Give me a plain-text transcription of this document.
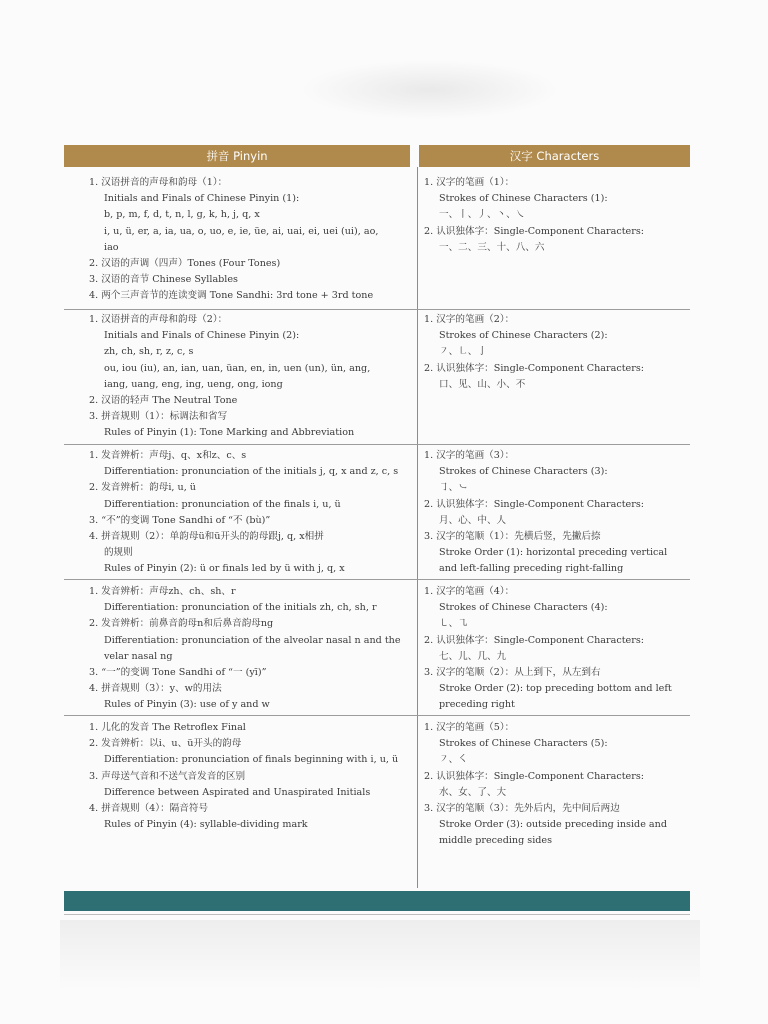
拼音 Pinyin	汉字 Characters
1. 汉语拼音的声母和韵母（1）：
Initials and Finals of Chinese Pinyin (1):
b, p, m, f, d, t, n, l, g, k, h, j, q, x
i, u, ü, er, a, ia, ua, o, uo, e, ie, üe, ai, uai, ei, uei (ui), ao,
iao
2. 汉语的声调（四声）Tones (Four Tones)
3. 汉语的音节 Chinese Syllables
4. 两个三声音节的连读变调 Tone Sandhi: 3rd tone + 3rd tone
1. 汉字的笔画（1）：
Strokes of Chinese Characters (1):
一、丨、丿、丶、㇏
2. 认识独体字：Single-Component Characters:
一、二、三、十、八、六
1. 汉语拼音的声母和韵母（2）：
Initials and Finals of Chinese Pinyin (2):
zh, ch, sh, r, z, c, s
ou, iou (iu), an, ian, uan, üan, en, in, uen (un), ün, ang,
iang, uang, eng, ing, ueng, ong, iong
2. 汉语的轻声 The Neutral Tone
3. 拼音规则（1）：标调法和省写
Rules of Pinyin (1): Tone Marking and Abbreviation
1. 汉字的笔画（2）：
Strokes of Chinese Characters (2):
㇇、㇗、亅
2. 认识独体字：Single-Component Characters:
口、见、山、小、不
1. 发音辨析：声母j、q、x和z、c、s
Differentiation: pronunciation of the initials j, q, x and z, c, s
2. 发音辨析：韵母i, u, ü
Differentiation: pronunciation of the finals i, u, ü
3. “不”的变调 Tone Sandhi of “不 (bù)”
4. 拼音规则（2）：单韵母ü和ü开头的韵母跟j, q, x相拼
的规则
Rules of Pinyin (2): ü or finals led by ü with j, q, x
1. 汉字的笔画（3）：
Strokes of Chinese Characters (3):
㇆、㇃
2. 认识独体字：Single-Component Characters:
月、心、中、人
3. 汉字的笔顺（1）：先横后竖，先撇后捺
Stroke Order (1): horizontal preceding vertical
and left-falling preceding right-falling
1. 发音辨析：声母zh、ch、sh、r
Differentiation: pronunciation of the initials zh, ch, sh, r
2. 发音辨析：前鼻音韵母n和后鼻音韵母ng
Differentiation: pronunciation of the alveolar nasal n and the
velar nasal ng
3. “一”的变调 Tone Sandhi of “一 (yī)”
4. 拼音规则（3）：y、w的用法
Rules of Pinyin (3): use of y and w
1. 汉字的笔画（4）：
Strokes of Chinese Characters (4):
㇄、㇈
2. 认识独体字：Single-Component Characters:
七、儿、几、九
3. 汉字的笔顺（2）：从上到下，从左到右
Stroke Order (2): top preceding bottom and left
preceding right
1. 儿化的发音 The Retroflex Final
2. 发音辨析：以i、u、ü开头的韵母
Differentiation: pronunciation of finals beginning with i, u, ü
3. 声母送气音和不送气音发音的区别
Difference between Aspirated and Unaspirated Initials
4. 拼音规则（4）：隔音符号
Rules of Pinyin (4): syllable-dividing mark
1. 汉字的笔画（5）：
Strokes of Chinese Characters (5):
㇇、㇛
2. 认识独体字：Single-Component Characters:
水、女、了、大
3. 汉字的笔顺（3）：先外后内，先中间后两边
Stroke Order (3): outside preceding inside and
middle preceding sides
